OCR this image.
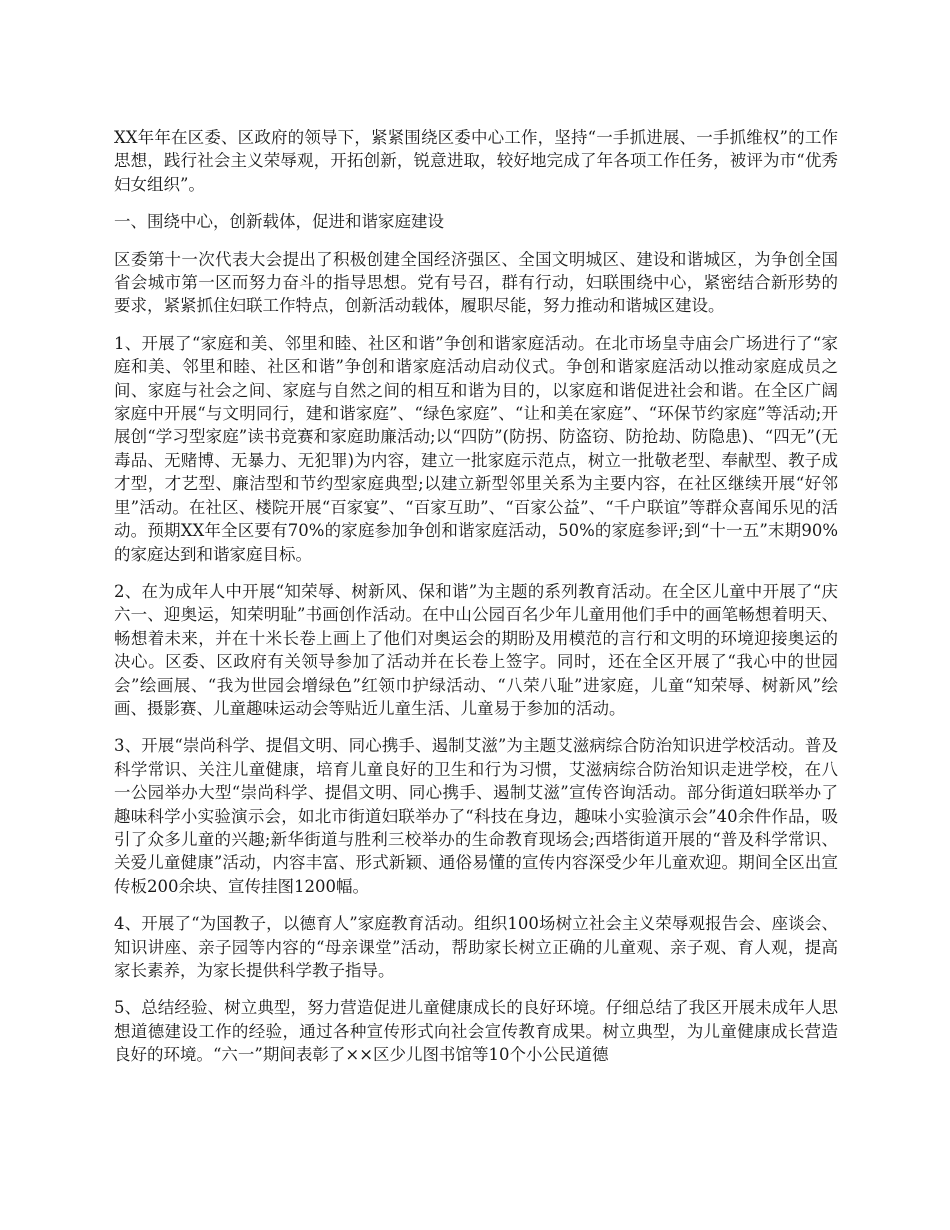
XX年年在区委、区政府的领导下，紧紧围绕区委中心工作，坚持“一手抓进展、一手抓维权”的工作思想，践行社会主义荣辱观，开拓创新，锐意进取，较好地完成了年各项工作任务，被评为市“优秀妇女组织”。

一、围绕中心，创新载体，促进和谐家庭建设

区委第十一次代表大会提出了积极创建全国经济强区、全国文明城区、建设和谐城区，为争创全国省会城市第一区而努力奋斗的指导思想。党有号召，群有行动，妇联围绕中心，紧密结合新形势的要求，紧紧抓住妇联工作特点，创新活动载体，履职尽能，努力推动和谐城区建设。

1、开展了“家庭和美、邻里和睦、社区和谐”争创和谐家庭活动。在北市场皇寺庙会广场进行了“家庭和美、邻里和睦、社区和谐”争创和谐家庭活动启动仪式。争创和谐家庭活动以推动家庭成员之间、家庭与社会之间、家庭与自然之间的相互和谐为目的，以家庭和谐促进社会和谐。在全区广阔家庭中开展“与文明同行，建和谐家庭”、“绿色家庭”、“让和美在家庭”、“环保节约家庭”等活动;开展创“学习型家庭”读书竞赛和家庭助廉活动;以“四防”(防拐、防盗窃、防抢劫、防隐患)、“四无”(无毒品、无赌博、无暴力、无犯罪)为内容，建立一批家庭示范点，树立一批敬老型、奉献型、教子成才型，才艺型、廉洁型和节约型家庭典型;以建立新型邻里关系为主要内容，在社区继续开展“好邻里”活动。在社区、楼院开展“百家宴”、“百家互助”、“百家公益”、“千户联谊”等群众喜闻乐见的活动。预期XX年全区要有70%的家庭参加争创和谐家庭活动，50%的家庭参评;到“十一五”末期90%的家庭达到和谐家庭目标。

2、在为成年人中开展“知荣辱、树新风、保和谐”为主题的系列教育活动。在全区儿童中开展了“庆六一、迎奥运，知荣明耻”书画创作活动。在中山公园百名少年儿童用他们手中的画笔畅想着明天、畅想着未来，并在十米长卷上画上了他们对奥运会的期盼及用模范的言行和文明的环境迎接奥运的决心。区委、区政府有关领导参加了活动并在长卷上签字。同时，还在全区开展了“我心中的世园会”绘画展、“我为世园会增绿色”红领巾护绿活动、“八荣八耻”进家庭，儿童“知荣辱、树新风”绘画、摄影赛、儿童趣味运动会等贴近儿童生活、儿童易于参加的活动。

3、开展“崇尚科学、提倡文明、同心携手、遏制艾滋”为主题艾滋病综合防治知识进学校活动。普及科学常识、关注儿童健康，培育儿童良好的卫生和行为习惯，艾滋病综合防治知识走进学校，在八一公园举办大型“崇尚科学、提倡文明、同心携手、遏制艾滋”宣传咨询活动。部分街道妇联举办了趣味科学小实验演示会，如北市街道妇联举办了“科技在身边，趣味小实验演示会”40余件作品，吸引了众多儿童的兴趣;新华街道与胜利三校举办的生命教育现场会;西塔街道开展的“普及科学常识、关爱儿童健康”活动，内容丰富、形式新颖、通俗易懂的宣传内容深受少年儿童欢迎。期间全区出宣传板200余块、宣传挂图1200幅。

4、开展了“为国教子，以德育人”家庭教育活动。组织100场树立社会主义荣辱观报告会、座谈会、知识讲座、亲子园等内容的“母亲课堂”活动，帮助家长树立正确的儿童观、亲子观、育人观，提高家长素养，为家长提供科学教子指导。

5、总结经验、树立典型，努力营造促进儿童健康成长的良好环境。仔细总结了我区开展未成年人思想道德建设工作的经验，通过各种宣传形式向社会宣传教育成果。树立典型，为儿童健康成长营造良好的环境。“六一”期间表彰了××区少儿图书馆等10个小公民道德
